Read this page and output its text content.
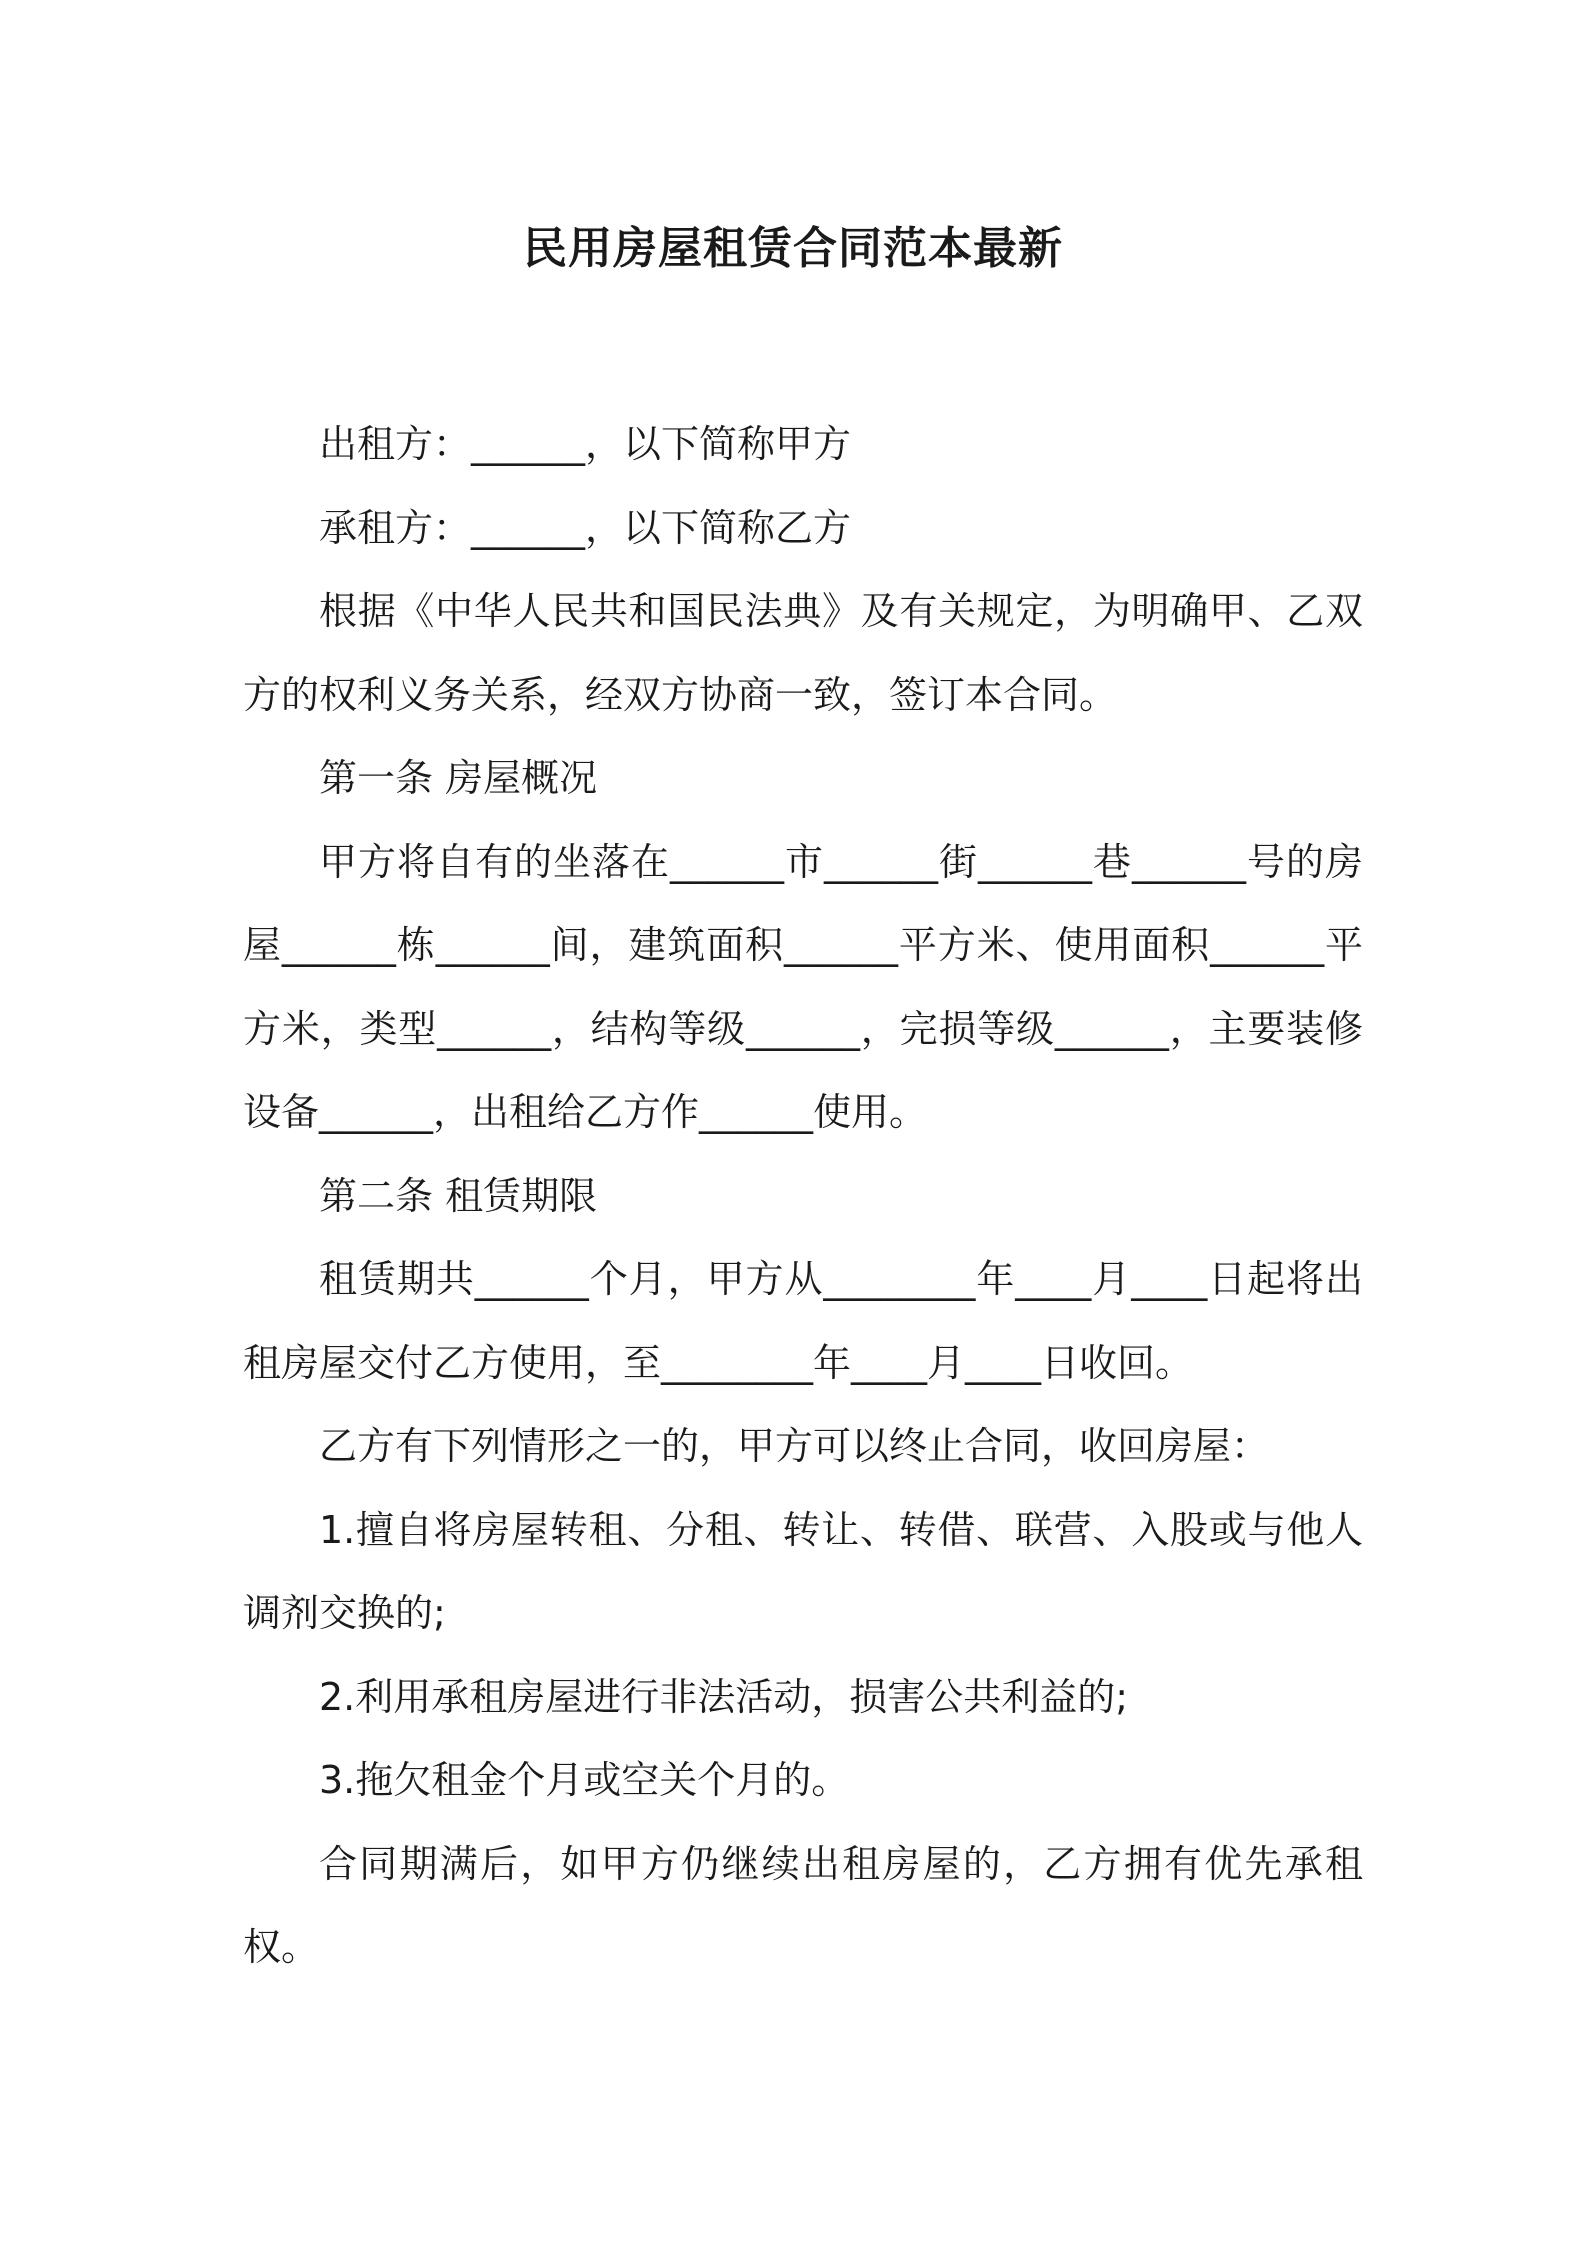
民用房屋租赁合同范本最新

出租方：______，以下简称甲方

承租方：______，以下简称乙方

根据《中华人民共和国民法典》及有关规定，为明确甲、乙双方的权利义务关系，经双方协商一致，签订本合同。

第一条 房屋概况

甲方将自有的坐落在______市______街______巷______号的房屋______栋______间，建筑面积______平方米、使用面积______平方米，类型______，结构等级______，完损等级______，主要装修设备______，出租给乙方作______使用。

第二条 租赁期限

租赁期共______个月，甲方从________年____月____日起将出租房屋交付乙方使用，至________年____月____日收回。

乙方有下列情形之一的，甲方可以终止合同，收回房屋：

1.擅自将房屋转租、分租、转让、转借、联营、入股或与他人调剂交换的;

2.利用承租房屋进行非法活动，损害公共利益的;

3.拖欠租金个月或空关个月的。

合同期满后，如甲方仍继续出租房屋的，乙方拥有优先承租权。
